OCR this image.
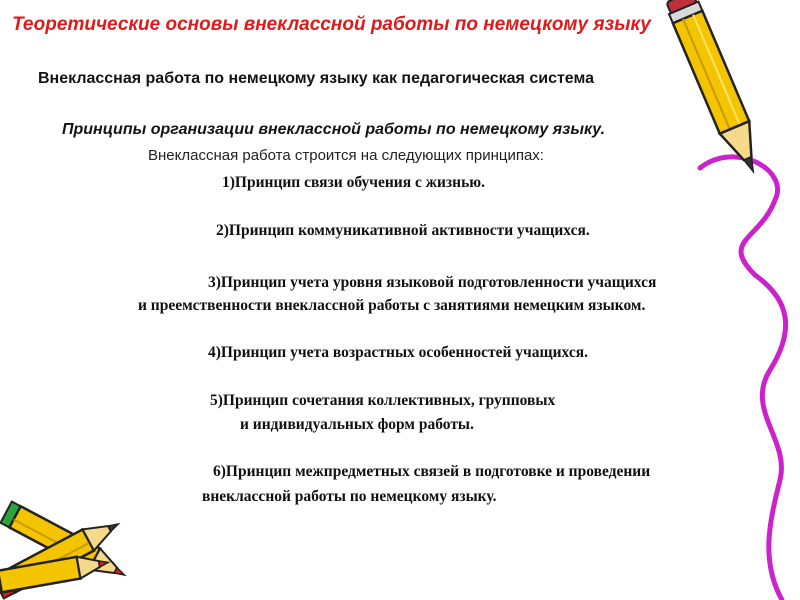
Теоретические основы внеклассной работы по немецкому языку
Внеклассная работа по немецкому языку как педагогическая система
Принципы организации внеклассной работы по немецкому языку.
Внеклассная работа строится на следующих принципах:
1)Принцип связи обучения с жизнью.
2)Принцип коммуникативной активности учащихся.
3)Принцип учета уровня языковой подготовленности учащихся
и преемственности внеклассной работы с занятиями немецким языком.
4)Принцип учета возрастных особенностей учащихся.
5)Принцип сочетания коллективных, групповых
и индивидуальных форм работы.
6)Принцип межпредметных связей в подготовке и проведении
внеклассной работы по немецкому языку.
